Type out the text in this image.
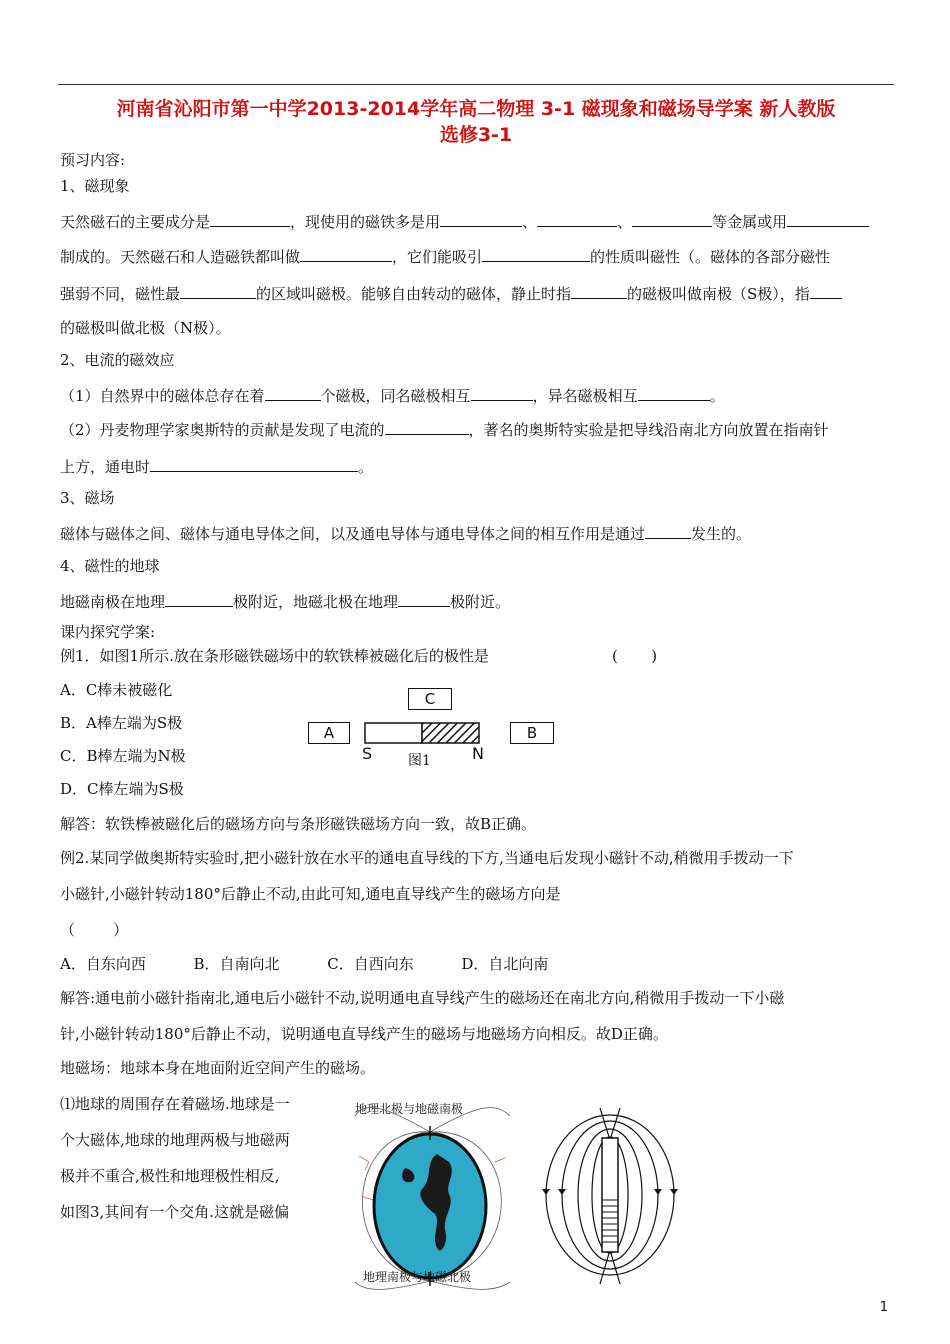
河南省沁阳市第一中学2013-2014学年高二物理 3-1 磁现象和磁场导学案 新人教版
选修3-1
预习内容:
1、磁现象
天然磁石的主要成分是	，现使用的磁铁多是用	、	、	等金属或用
制成的。天然磁石和人造磁铁都叫做	，它们能吸引	的性质叫磁性（。磁体的各部分磁性
强弱不同，磁性最	的区域叫磁极。能够自由转动的磁体，静止时指	的磁极叫做南极（S极），指
的磁极叫做北极（N极）。
2、电流的磁效应
（1）自然界中的磁体总存在着	个磁极，同名磁极相互	，异名磁极相互	。
（2）丹麦物理学家奥斯特的贡献是发现了电流的	，著名的奥斯特实验是把导线沿南北方向放置在指南针
上方，通电时	。
3、磁场
磁体与磁体之间、磁体与通电导体之间，以及通电导体与通电导体之间的相互作用是通过	发生的。
4、磁性的地球
地磁南极在地理	极附近，地磁北极在地理	极附近。
课内探究学案:
例1．如图1所示.放在条形磁铁磁场中的软铁棒被磁化后的极性是	(       )
A．C棒未被磁化
B．A棒左端为S极
C．B棒左端为N极
D．C棒左端为S极
C
A	B
S	N
图1
解答：软铁棒被磁化后的磁场方向与条形磁铁磁场方向一致，故B正确。
例2.某同学做奥斯特实验时,把小磁针放在水平的通电直导线的下方,当通电后发现小磁针不动,稍微用手拨动一下
小磁针,小磁针转动180°后静止不动,由此可知,通电直导线产生的磁场方向是
（        ）
A．自东向西          B．自南向北          C．自西向东          D．自北向南
解答:通电前小磁针指南北,通电后小磁针不动,说明通电直导线产生的磁场还在南北方向,稍微用手拨动一下小磁
针,小磁针转动180°后静止不动，说明通电直导线产生的磁场与地磁场方向相反。故D正确。
地磁场：地球本身在地面附近空间产生的磁场。
⑴地球的周围存在着磁场.地球是一
个大磁体,地球的地理两极与地磁两
极并不重合,极性和地理极性相反,
如图3,其间有一个交角.这就是磁偏
地理北极与地磁南极
地理南极与地磁北极
1
